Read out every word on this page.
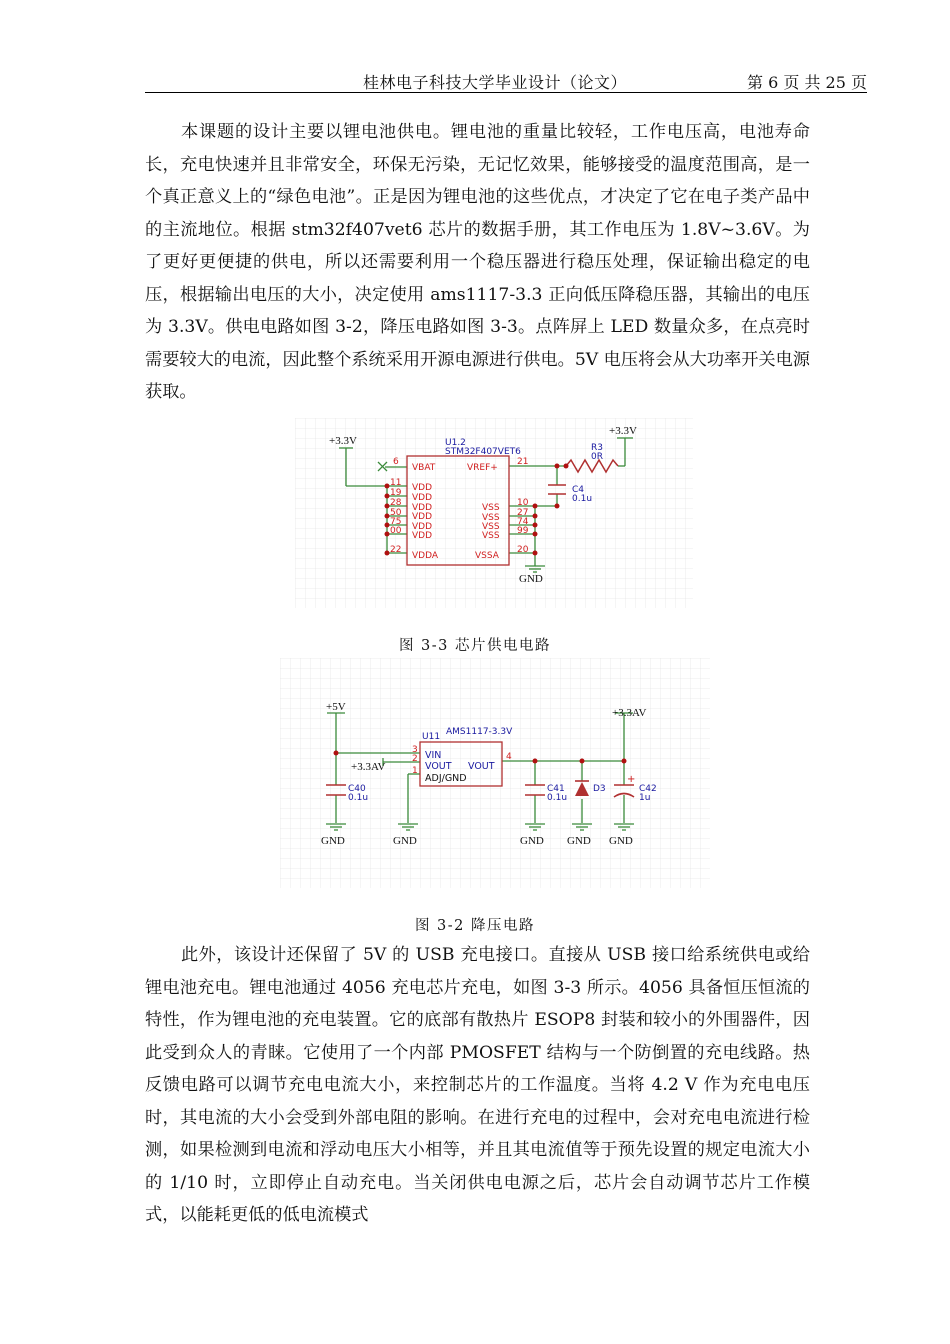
桂林电子科技大学毕业设计（论文）	第 6 页 共 25 页

本课题的设计主要以锂电池供电。锂电池的重量比较轻，工作电压高，电池寿命长，充电快速并且非常安全，环保无污染，无记忆效果，能够接受的温度范围高，是一个真正意义上的“绿色电池”。正是因为锂电池的这些优点，才决定了它在电子类产品中的主流地位。根据 stm32f407vet6 芯片的数据手册，其工作电压为 1.8V~3.6V。为了更好更便捷的供电，所以还需要利用一个稳压器进行稳压处理，保证输出稳定的电压，根据输出电压的大小，决定使用 ams1117-3.3 正向低压降稳压器，其输出的电压为 3.3V。供电电路如图 3-2，降压电路如图 3-3。点阵屏上 LED 数量众多，在点亮时需要较大的电流，因此整个系统采用开源电源进行供电。5V 电压将会从大功率开关电源获取。

+3.3V
+3.3V
U1.2
STM32F407VET6	R3
0R
C4
0.1u
GND
6
VBAT
11 VDD
19 VDD
28 VDD
50 VDD
75 VDD
00 VDD
22
VDDA
21
VREF+
10
VSS 27
VSS 74
VSS 99
VSS
20
VSSA
图 3-3 芯片供电电路
+5V	+3.3AV
+3.3AV
U11 AMS1117-3.3V
3 VIN
2
VOUT
1
ADJ/GND
VOUT
4
C40
0.1u
C41
0.1u
D3	C42
1u
+
GND	GND	GND GND GND
图 3-2 降压电路

此外，该设计还保留了 5V 的 USB 充电接口。直接从 USB 接口给系统供电或给锂电池充电。锂电池通过 4056 充电芯片充电，如图 3-3 所示。4056 具备恒压恒流的特性，作为锂电池的充电装置。它的底部有散热片 ESOP8 封装和较小的外围器件，因此受到众人的青睐。它使用了一个内部 PMOSFET 结构与一个防倒置的充电线路。热反馈电路可以调节充电电流大小，来控制芯片的工作温度。当将 4.2 V 作为充电电压时，其电流的大小会受到外部电阻的影响。在进行充电的过程中，会对充电电流进行检测，如果检测到电流和浮动电压大小相等，并且其电流值等于预先设置的规定电流大小的 1/10 时，立即停止自动充电。当关闭供电电源之后，芯片会自动调节芯片工作模式，以能耗更低的低电流模式
